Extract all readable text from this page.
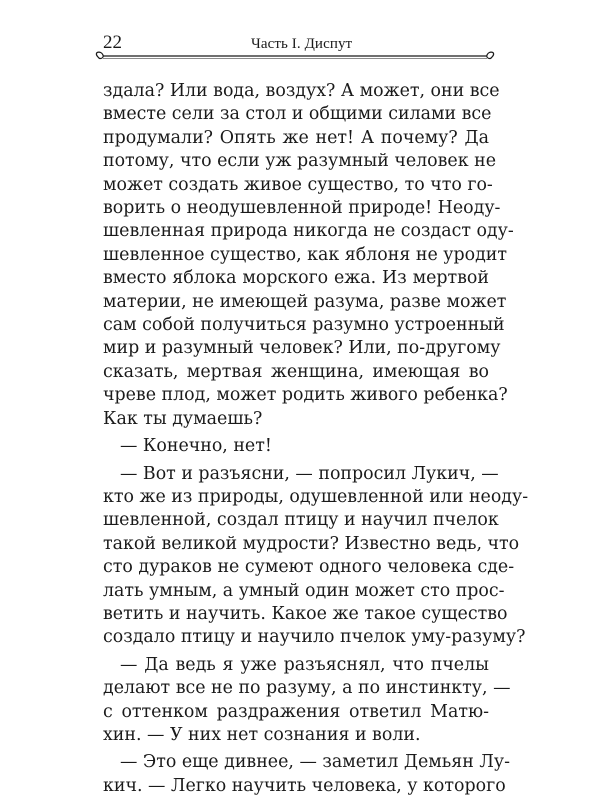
22	Часть I. Диспут
здала? Или вода, воздух? А может, они все
вместе сели за стол и общими силами все
продумали? Опять же нет! А почему? Да
потому, что если уж разумный человек не
может создать живое существо, то что го-
ворить о неодушевленной природе! Неоду-
шевленная природа никогда не создаст оду-
шевленное существо, как яблоня не уродит
вместо яблока морского ежа. Из мертвой
материи, не имеющей разума, разве может
сам собой получиться разумно устроенный
мир и разумный человек? Или, по-другому
сказать, мертвая женщина, имеющая во
чреве плод, может родить живого ребенка?
Как ты думаешь?
— Конечно, нет!
— Вот и разъясни, — попросил Лукич, —
кто же из природы, одушевленной или неоду-
шевленной, создал птицу и научил пчелок
такой великой мудрости? Известно ведь, что
сто дураков не сумеют одного человека сде-
лать умным, а умный один может сто прос-
ветить и научить. Какое же такое существо
создало птицу и научило пчелок уму-разуму?
— Да ведь я уже разъяснял, что пчелы
делают все не по разуму, а по инстинкту, —
с оттенком раздражения ответил Матю-
хин. — У них нет сознания и воли.
— Это еще дивнее, — заметил Демьян Лу-
кич. — Легко научить человека, у которого
